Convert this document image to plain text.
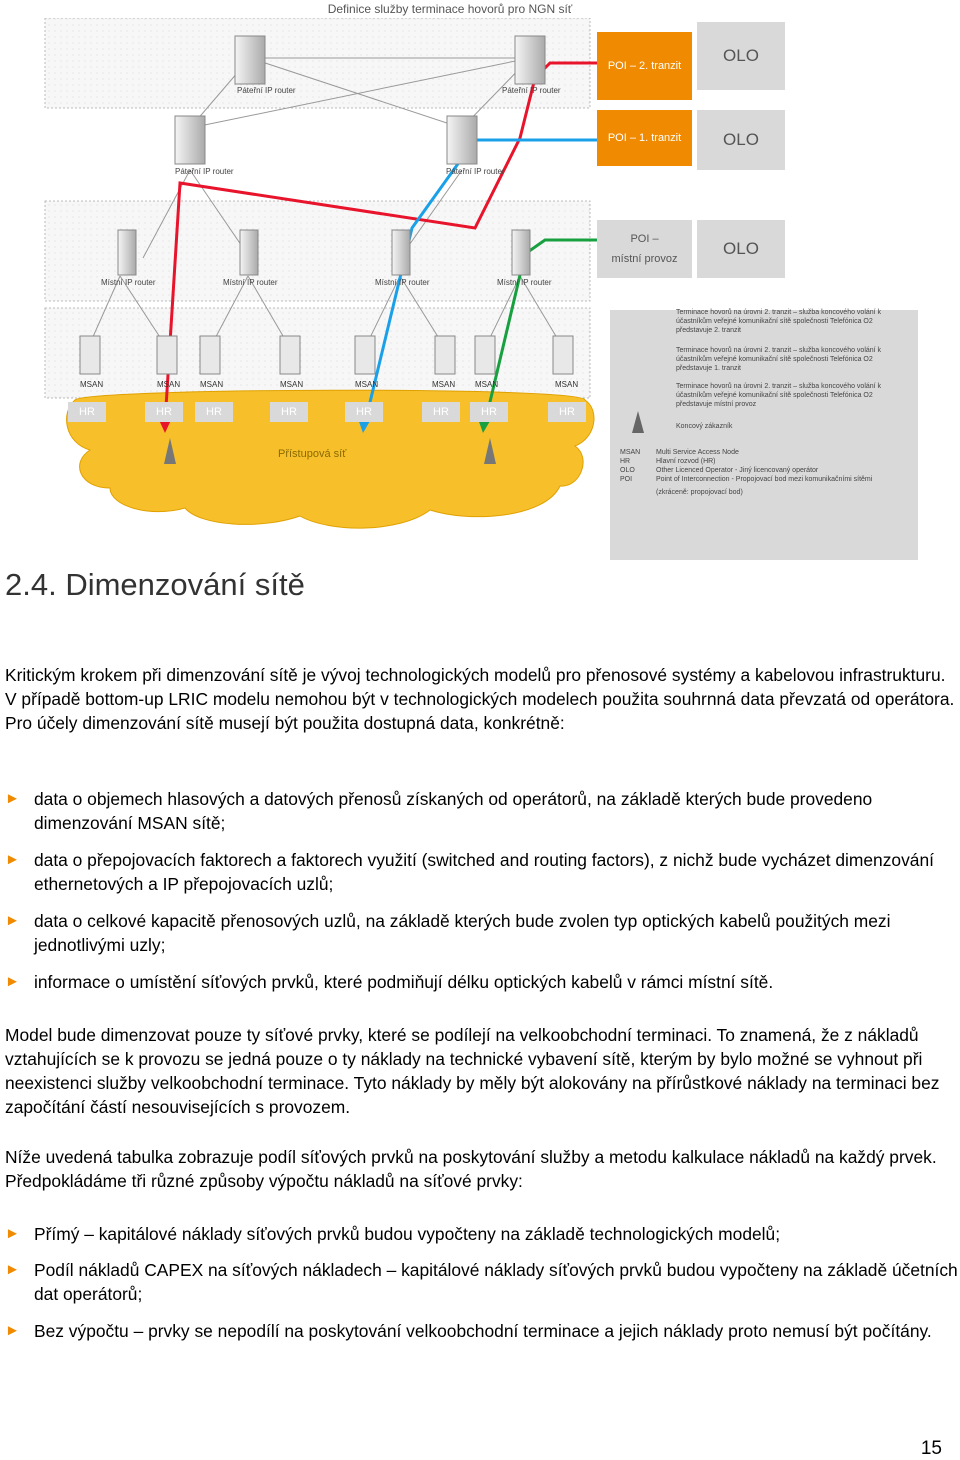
Definice služby terminace hovorů pro NGN síť
Páteřní IP router	Páteřní IP router
Páteřní IP router	Páteřní IP router
Místní IP router	Místní IP router	Místní IP router	Místní IP router
POI – 2. tranzit
OLO
POI – 1. tranzit	OLO
POI –
místní provoz
OLO
MSAN	MSAN MSAN	MSAN	MSAN	MSAN MSAN	MSAN
HR	HR	HR	HR	HR	HR	HR	HR
Přístupová síť
Terminace hovorů na úrovni 2. tranzit – služba koncového volání k účastníkům veřejné komunikační sítě společnosti Telefónica O2 představuje 2. tranzit
Terminace hovorů na úrovni 2. tranzit – služba koncového volání k účastníkům veřejné komunikační sítě společnosti Telefónica O2 představuje 1. tranzit
Terminace hovorů na úrovni 2. tranzit – služba koncového volání k účastníkům veřejné komunikační sítě společnosti Telefónica O2 představuje místní provoz
Koncový zákazník
MSAN Multi Service Access Node
HR	Hlavní rozvod (HR)
OLO	Other Licenced Operator - Jiný licencovaný operátor
POI	Point of Interconnection - Propojovací bod mezi komunikačními sítěmi
(zkráceně: propojovací bod)
2.4. Dimenzování sítě
Kritickým krokem při dimenzování sítě je vývoj technologických modelů pro přenosové systémy a kabelovou infrastrukturu. V případě bottom-up LRIC modelu nemohou být v technologických modelech použita souhrnná data převzatá od operátora. Pro účely dimenzování sítě musejí být použita dostupná data, konkrétně:
► data o objemech hlasových a datových přenosů získaných od operátorů, na základě kterých bude provedeno dimenzování MSAN sítě;
► data o přepojovacích faktorech a faktorech využití (switched and routing factors), z nichž bude vycházet dimenzování ethernetových a IP přepojovacích uzlů;
► data o celkové kapacitě přenosových uzlů, na základě kterých bude zvolen typ optických kabelů použitých mezi jednotlivými uzly;
► informace o umístění síťových prvků, které podmiňují délku optických kabelů v rámci místní sítě.
Model bude dimenzovat pouze ty síťové prvky, které se podílejí na velkoobchodní terminaci. To znamená, že z nákladů vztahujících se k provozu se jedná pouze o ty náklady na technické vybavení sítě, kterým by bylo možné se vyhnout při neexistenci služby velkoobchodní terminace. Tyto náklady by měly být alokovány na přírůstkové náklady na terminaci bez započítání částí nesouvisejících s provozem.
Níže uvedená tabulka zobrazuje podíl síťových prvků na poskytování služby a metodu kalkulace nákladů na každý prvek. Předpokládáme tři různé způsoby výpočtu nákladů na síťové prvky:
► Přímý – kapitálové náklady síťových prvků budou vypočteny na základě technologických modelů;
► Podíl nákladů CAPEX na síťových nákladech – kapitálové náklady síťových prvků budou vypočteny na základě účetních dat operátorů;
► Bez výpočtu – prvky se nepodílí na poskytování velkoobchodní terminace a jejich náklady proto nemusí být počítány.
15
